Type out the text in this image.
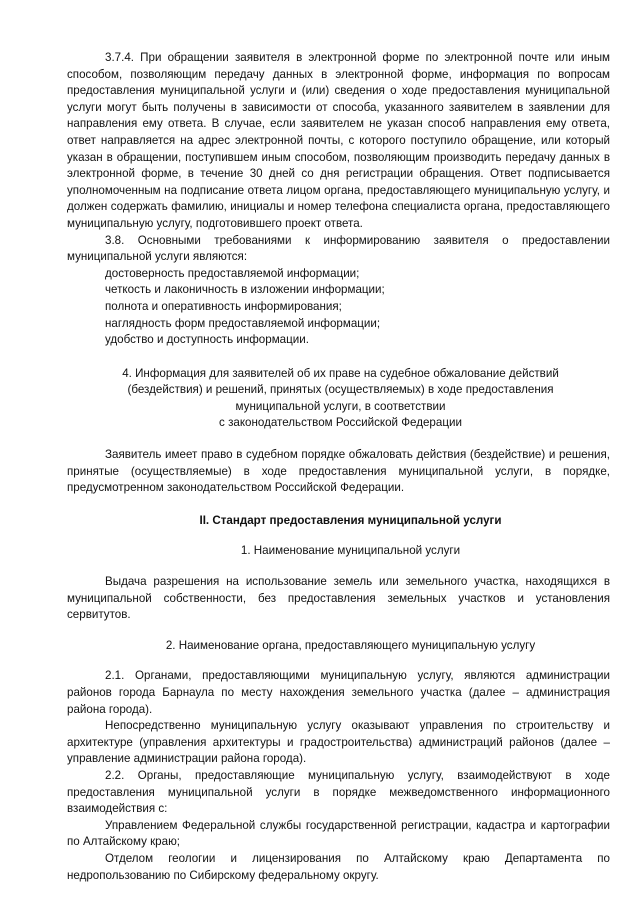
3.7.4. При обращении заявителя в электронной форме по электронной почте или иным способом, позволяющим передачу данных в электронной форме, информация по вопросам предоставления муниципальной услуги и (или) сведения о ходе предоставления муниципальной услуги могут быть получены в зависимости от способа, указанного заявителем в заявлении для направления ему ответа. В случае, если заявителем не указан способ направления ему ответа, ответ направляется на адрес электронной почты, с которого поступило обращение, или который указан в обращении, поступившем иным способом, позволяющим производить передачу данных в электронной форме, в течение 30 дней со дня регистрации обращения. Ответ подписывается уполномоченным на подписание ответа лицом органа, предоставляющего муниципальную услугу, и должен содержать фамилию, инициалы и номер телефона специалиста органа, предоставляющего муниципальную услугу, подготовившего проект ответа.

3.8. Основными требованиями к информированию заявителя о предоставлении муниципальной услуги являются:

достоверность предоставляемой информации;

четкость и лаконичность в изложении информации;

полнота и оперативность информирования;

наглядность форм предоставляемой информации;

удобство и доступность информации.

4. Информация для заявителей об их праве на судебное обжалование действий

(бездействия) и решений, принятых (осуществляемых) в ходе предоставления

муниципальной услуги, в соответствии

с законодательством Российской Федерации

Заявитель имеет право в судебном порядке обжаловать действия (бездействие) и решения, принятые (осуществляемые) в ходе предоставления муниципальной услуги, в порядке, предусмотренном законодательством Российской Федерации.

II. Стандарт предоставления муниципальной услуги

1. Наименование муниципальной услуги

Выдача разрешения на использование земель или земельного участка, находящихся в муниципальной собственности, без предоставления земельных участков и установления сервитутов.

2. Наименование органа, предоставляющего муниципальную услугу

2.1. Органами, предоставляющими муниципальную услугу, являются администрации районов города Барнаула по месту нахождения земельного участка (далее – администрация района города).

Непосредственно муниципальную услугу оказывают управления по строительству и архитектуре (управления архитектуры и градостроительства) администраций районов (далее – управление администрации района города).

2.2. Органы, предоставляющие муниципальную услугу, взаимодействуют в ходе предоставления муниципальной услуги в порядке межведомственного информационного взаимодействия с:

Управлением Федеральной службы государственной регистрации, кадастра и картографии по Алтайскому краю;

Отделом геологии и лицензирования по Алтайскому краю Департамента по недропользованию по Сибирскому федеральному округу.
